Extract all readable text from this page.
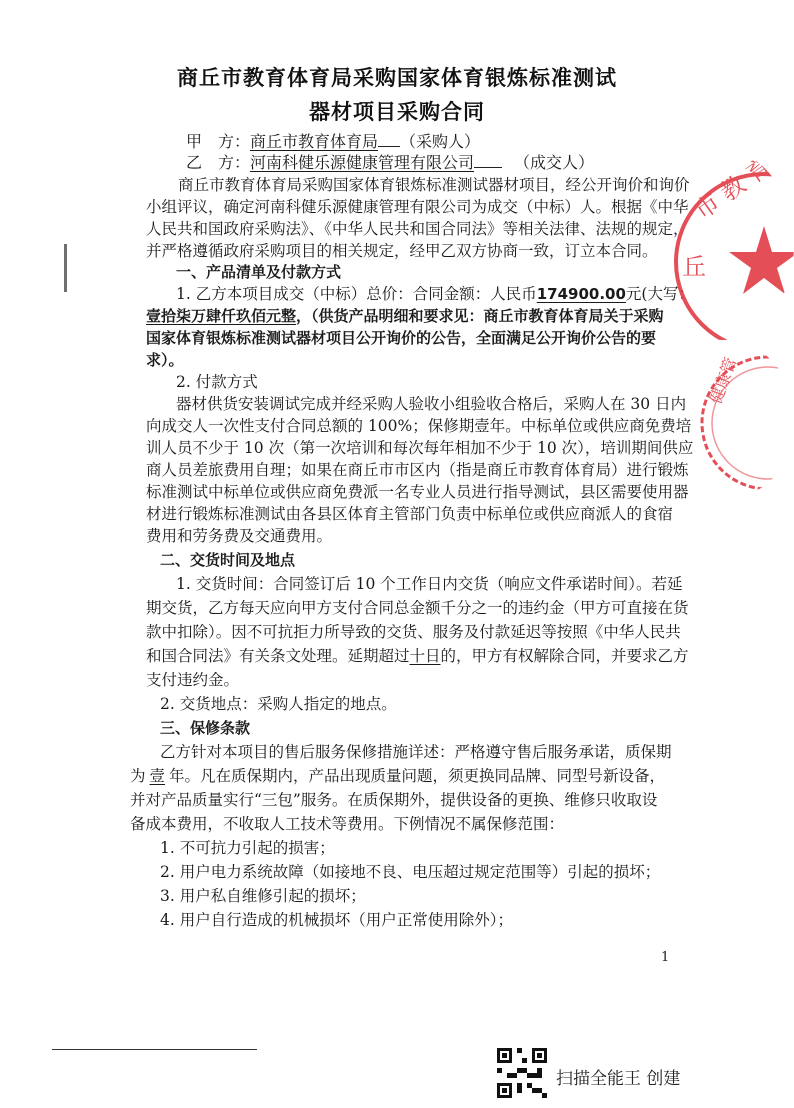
商丘市教育体育局采购国家体育银炼标准测试
器材项目采购合同
甲　方：商丘市教育体育局 （采购人）
乙　方：河南科健乐源健康管理有限公司	（成交人）
商丘市教育体育局采购国家体育银炼标准测试器材项目，经公开询价和询价
小组评议，确定河南科健乐源健康管理有限公司为成交（中标）人。根据《中华
人民共和国政府采购法》、《中华人民共和国合同法》等相关法律、法规的规定，
并严格遵循政府采购项目的相关规定，经甲乙双方协商一致，订立本合同。
一、产品清单及付款方式
1. 乙方本项目成交（中标）总价：合同金额：人民币174900.00元(大写：
壹拾柒万肆仟玖佰元整，（供货产品明细和要求见：商丘市教育体育局关于采购
国家体育银炼标准测试器材项目公开询价的公告，全面满足公开询价公告的要
求）。
2. 付款方式
器材供货安装调试完成并经采购人验收小组验收合格后，采购人在 30 日内
向成交人一次性支付合同总额的 100%；保修期壹年。中标单位或供应商免费培
训人员不少于 10 次（第一次培训和每次每年相加不少于 10 次），培训期间供应
商人员差旅费用自理；如果在商丘市市区内（指是商丘市教育体育局）进行锻炼
标准测试中标单位或供应商免费派一名专业人员进行指导测试，县区需要使用器
材进行锻炼标准测试由各县区体育主管部门负责中标单位或供应商派人的食宿
费用和劳务费及交通费用。
二、交货时间及地点
1. 交货时间：合同签订后 10 个工作日内交货（响应文件承诺时间）。若延
期交货，乙方每天应向甲方支付合同总金额千分之一的违约金（甲方可直接在货
款中扣除）。因不可抗拒力所导致的交货、服务及付款延迟等按照《中华人民共
和国合同法》有关条文处理。延期超过十日的，甲方有权解除合同，并要求乙方
支付违约金。
2. 交货地点：采购人指定的地点。
三、保修条款
乙方针对本项目的售后服务保修措施详述：严格遵守售后服务承诺，质保期
为 壹 年。凡在质保期内，产品出现质量问题，须更换同品牌、同型号新设备，
并对产品质量实行“三包”服务。在质保期外，提供设备的更换、维修只收取设
备成本费用，不收取人工技术等费用。下例情况不属保修范围：
1. 不可抗力引起的损害；
2. 用户电力系统故障（如接地不良、电压超过规定范围等）引起的损坏；
3. 用户私自维修引起的损坏；
4. 用户自行造成的机械损坏（用户正常使用除外）；
1
市 教 育
丘
健康管
扫描全能王 创建
